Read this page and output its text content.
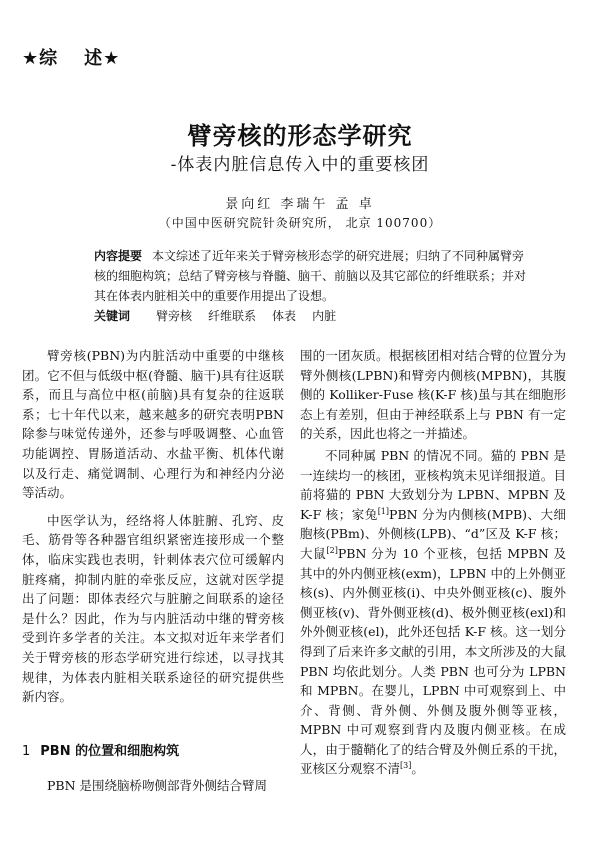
★综 述★
臂旁核的形态学研究
-体表内脏信息传入中的重要核团
景向红 李瑞午 孟 卓
（中国中医研究院针灸研究所， 北京 100700）

内容提要 本文综述了近年来关于臂旁核形态学的研究进展；归纳了不同种属臂旁核的细胞构筑；总结了臂旁核与脊髓、脑干、前脑以及其它部位的纤维联系；并对其在体表内脏相关中的重要作用提出了设想。

关键词 臂旁核 纤维联系 体表 内脏

臂旁核(PBN)为内脏活动中重要的中继核团。它不但与低级中枢(脊髓、脑干)具有往返联系，而且与高位中枢(前脑)具有复杂的往返联系；七十年代以来，越来越多的研究表明PBN除参与味觉传递外，还参与呼吸调整、心血管功能调控、胃肠道活动、水盐平衡、机体代谢以及行走、痛觉调制、心理行为和神经内分泌等活动。

中医学认为，经络将人体脏腑、孔窍、皮毛、筋骨等各种器官组织紧密连接形成一个整体，临床实践也表明，针刺体表穴位可缓解内脏疼痛，抑制内脏的牵张反应，这就对医学提出了问题：即体表经穴与脏腑之间联系的途径是什么？因此，作为与内脏活动中继的臂旁核受到许多学者的关注。本文拟对近年来学者们关于臂旁核的形态学研究进行综述，以寻找其规律，为体表内脏相关联系途径的研究提供些新内容。

1 PBN 的位置和细胞构筑
PBN 是围绕脑桥吻侧部背外侧结合臂周

围的一团灰质。根据核团相对结合臂的位置分为臂外侧核(LPBN)和臂旁内侧核(MPBN)，其腹侧的 Kolliker-Fuse 核(K-F 核)虽与其在细胞形态上有差别，但由于神经联系上与 PBN 有一定的关系，因此也将之一并描述。

不同种属 PBN 的情况不同。猫的 PBN 是一连续均一的核团，亚核构筑未见详细报道。目前将猫的 PBN 大致划分为 LPBN、MPBN 及 K-F 核；家兔[1]PBN 分为内侧核(MPB)、大细胞核(PBm)、外侧核(LPB)、“d”区及 K-F 核；大鼠[2]PBN 分为 10 个亚核，包括 MPBN 及其中的外内侧亚核(exm)，LPBN 中的上外侧亚核(s)、内外侧亚核(i)、中央外侧亚核(c)、腹外侧亚核(v)、背外侧亚核(d)、极外侧亚核(exl)和外外侧亚核(el)，此外还包括 K-F 核。这一划分得到了后来许多文献的引用，本文所涉及的大鼠 PBN 均依此划分。人类 PBN 也可分为 LPBN 和 MPBN。在婴儿，LPBN 中可观察到上、中介、背侧、背外侧、外侧及腹外侧等亚核，MPBN 中可观察到背内及腹内侧亚核。在成人，由于髓鞘化了的结合臂及外侧丘系的干扰，亚核区分观察不清[3]。
